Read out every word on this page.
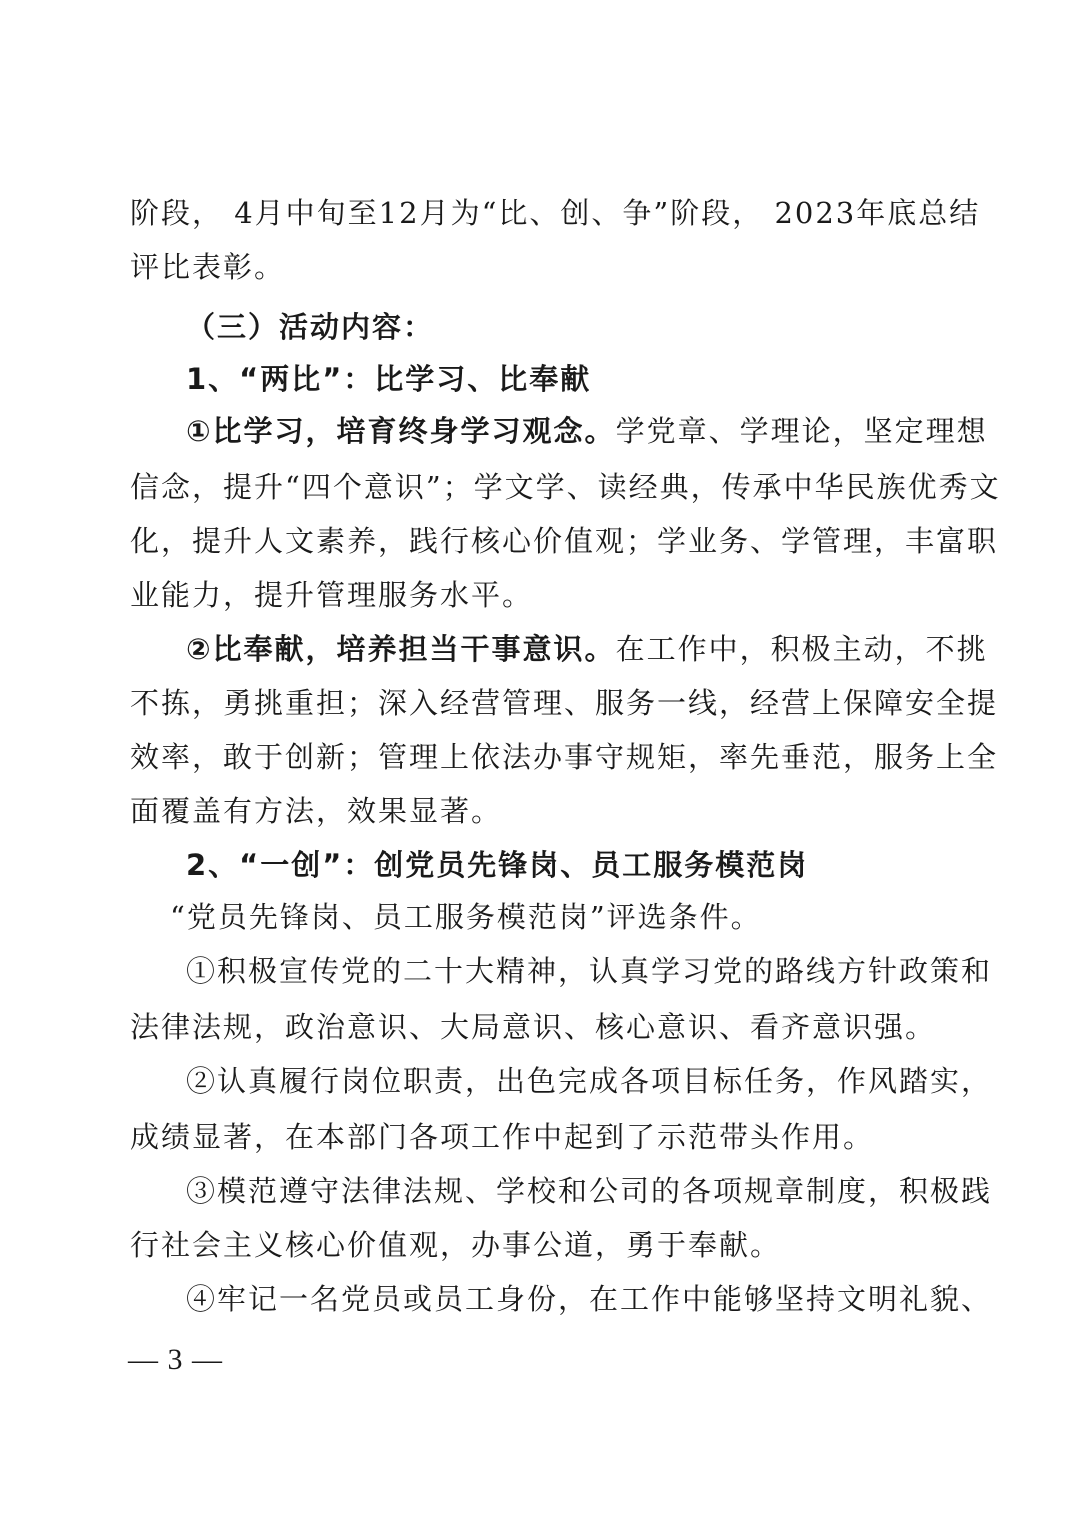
阶段， 4月中旬至12月为“比、创、争”阶段， 2023年底总结
评比表彰。
（三）活动内容：
1、“两比”：比学习、比奉献
①比学习，培育终身学习观念。学党章、学理论，坚定理想
信念，提升“四个意识”；学文学、读经典，传承中华民族优秀文
化，提升人文素养，践行核心价值观；学业务、学管理，丰富职
业能力，提升管理服务水平。
②比奉献，培养担当干事意识。在工作中，积极主动，不挑
不拣，勇挑重担；深入经营管理、服务一线，经营上保障安全提
效率，敢于创新；管理上依法办事守规矩，率先垂范，服务上全
面覆盖有方法，效果显著。
2、“一创”：创党员先锋岗、员工服务模范岗
“党员先锋岗、员工服务模范岗”评选条件。
①积极宣传党的二十大精神，认真学习党的路线方针政策和
法律法规，政治意识、大局意识、核心意识、看齐意识强。
②认真履行岗位职责，出色完成各项目标任务，作风踏实，
成绩显著，在本部门各项工作中起到了示范带头作用。
③模范遵守法律法规、学校和公司的各项规章制度，积极践
行社会主义核心价值观，办事公道，勇于奉献。
④牢记一名党员或员工身份，在工作中能够坚持文明礼貌、
— 3 —
